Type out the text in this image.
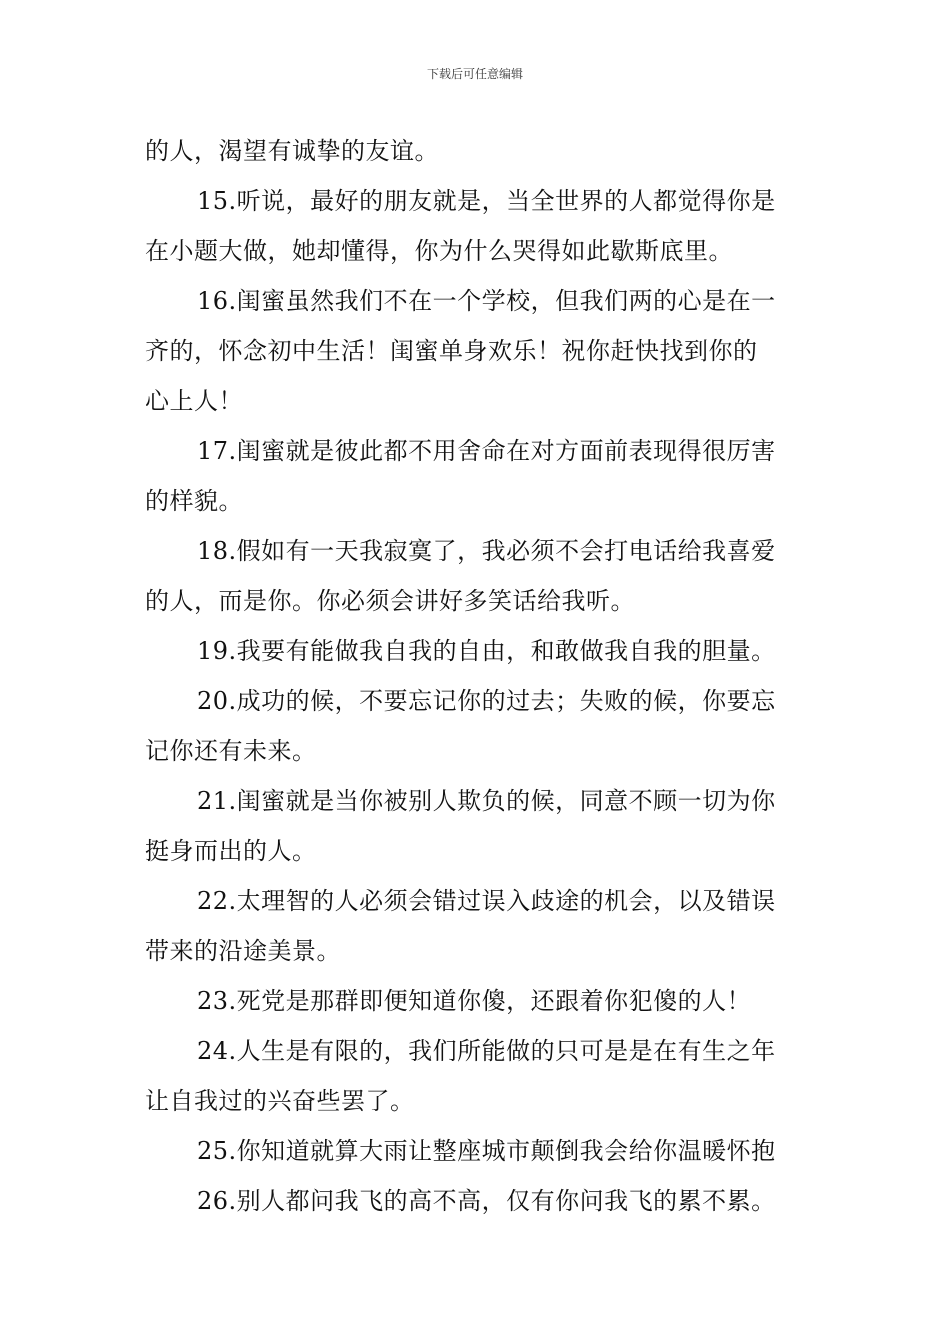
下载后可任意编辑

的人，渴望有诚挚的友谊。

15.听说，最好的朋友就是，当全世界的人都觉得你是

在小题大做，她却懂得，你为什么哭得如此歇斯底里。

16.闺蜜虽然我们不在一个学校，但我们两的心是在一

齐的，怀念初中生活！闺蜜单身欢乐！祝你赶快找到你的

心上人！

17.闺蜜就是彼此都不用舍命在对方面前表现得很厉害

的样貌。

18.假如有一天我寂寞了，我必须不会打电话给我喜爱

的人，而是你。你必须会讲好多笑话给我听。

19.我要有能做我自我的自由，和敢做我自我的胆量。

20.成功的候，不要忘记你的过去；失败的候，你要忘

记你还有未来。

21.闺蜜就是当你被别人欺负的候，同意不顾一切为你

挺身而出的人。

22.太理智的人必须会错过误入歧途的机会，以及错误

带来的沿途美景。

23.死党是那群即便知道你傻，还跟着你犯傻的人！

24.人生是有限的，我们所能做的只可是是在有生之年

让自我过的兴奋些罢了。

25.你知道就算大雨让整座城市颠倒我会给你温暖怀抱

26.别人都问我飞的高不高，仅有你问我飞的累不累。
